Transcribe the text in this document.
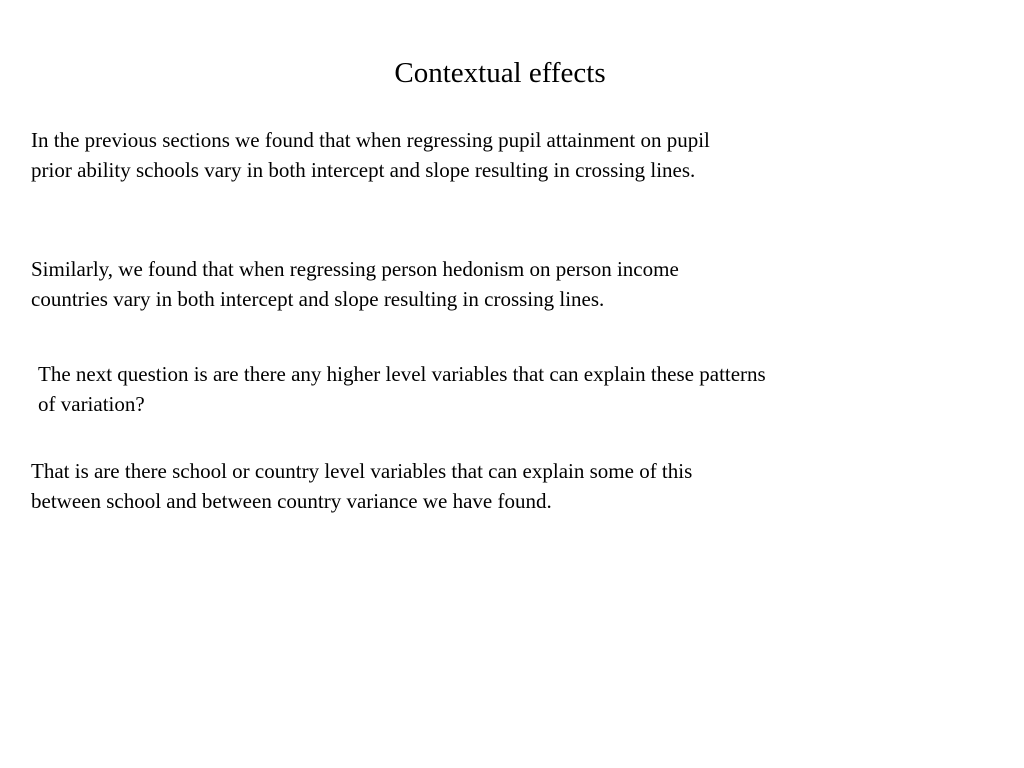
Contextual effects
In the previous sections we found that when regressing pupil attainment on pupil
prior ability schools vary in both intercept and slope resulting in crossing lines.
Similarly, we found that when regressing person hedonism on person income
countries vary in both intercept and slope resulting in crossing lines.
The next question is are there any higher level variables that can explain these patterns
of variation?
That is are there school or country level variables that can explain some of this
between school and between country variance we have found.
